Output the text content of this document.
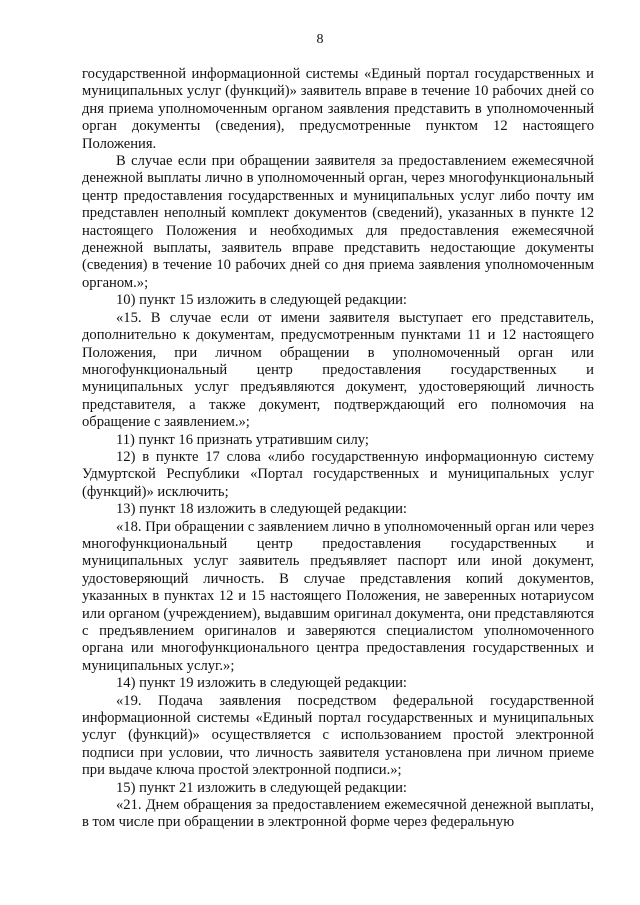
8

государственной информационной системы «Единый портал государственных и муниципальных услуг (функций)» заявитель вправе в течение 10 рабочих дней со дня приема уполномоченным органом заявления представить в уполномоченный орган документы (сведения), предусмотренные пунктом 12 настоящего Положения.

В случае если при обращении заявителя за предоставлением ежемесячной денежной выплаты лично в уполномоченный орган, через многофункциональный центр предоставления государственных и муниципальных услуг либо почту им представлен неполный комплект документов (сведений), указанных в пункте 12 настоящего Положения и необходимых для предоставления ежемесячной денежной выплаты, заявитель вправе представить недостающие документы (сведения) в течение 10 рабочих дней со дня приема заявления уполномоченным органом.»;

10) пункт 15 изложить в следующей редакции:

«15. В случае если от имени заявителя выступает его представитель, дополнительно к документам, предусмотренным пунктами 11 и 12 настоящего Положения, при личном обращении в уполномоченный орган или многофункциональный центр предоставления государственных и муниципальных услуг предъявляются документ, удостоверяющий личность представителя, а также документ, подтверждающий его полномочия на обращение с заявлением.»;

11) пункт 16 признать утратившим силу;

12) в пункте 17 слова «либо государственную информационную систему Удмуртской Республики «Портал государственных и муниципальных услуг (функций)» исключить;

13) пункт 18 изложить в следующей редакции:

«18. При обращении с заявлением лично в уполномоченный орган или через многофункциональный центр предоставления государственных и муниципальных услуг заявитель предъявляет паспорт или иной документ, удостоверяющий личность. В случае представления копий документов, указанных в пунктах 12 и 15 настоящего Положения, не заверенных нотариусом или органом (учреждением), выдавшим оригинал документа, они представляются с предъявлением оригиналов и заверяются специалистом уполномоченного органа или многофункционального центра предоставления государственных и муниципальных услуг.»;

14) пункт 19 изложить в следующей редакции:

«19. Подача заявления посредством федеральной государственной информационной системы «Единый портал государственных и муниципальных услуг (функций)» осуществляется с использованием простой электронной подписи при условии, что личность заявителя установлена при личном приеме при выдаче ключа простой электронной подписи.»;

15) пункт 21 изложить в следующей редакции:

«21. Днем обращения за предоставлением ежемесячной денежной выплаты, в том числе при обращении в электронной форме через федеральную
